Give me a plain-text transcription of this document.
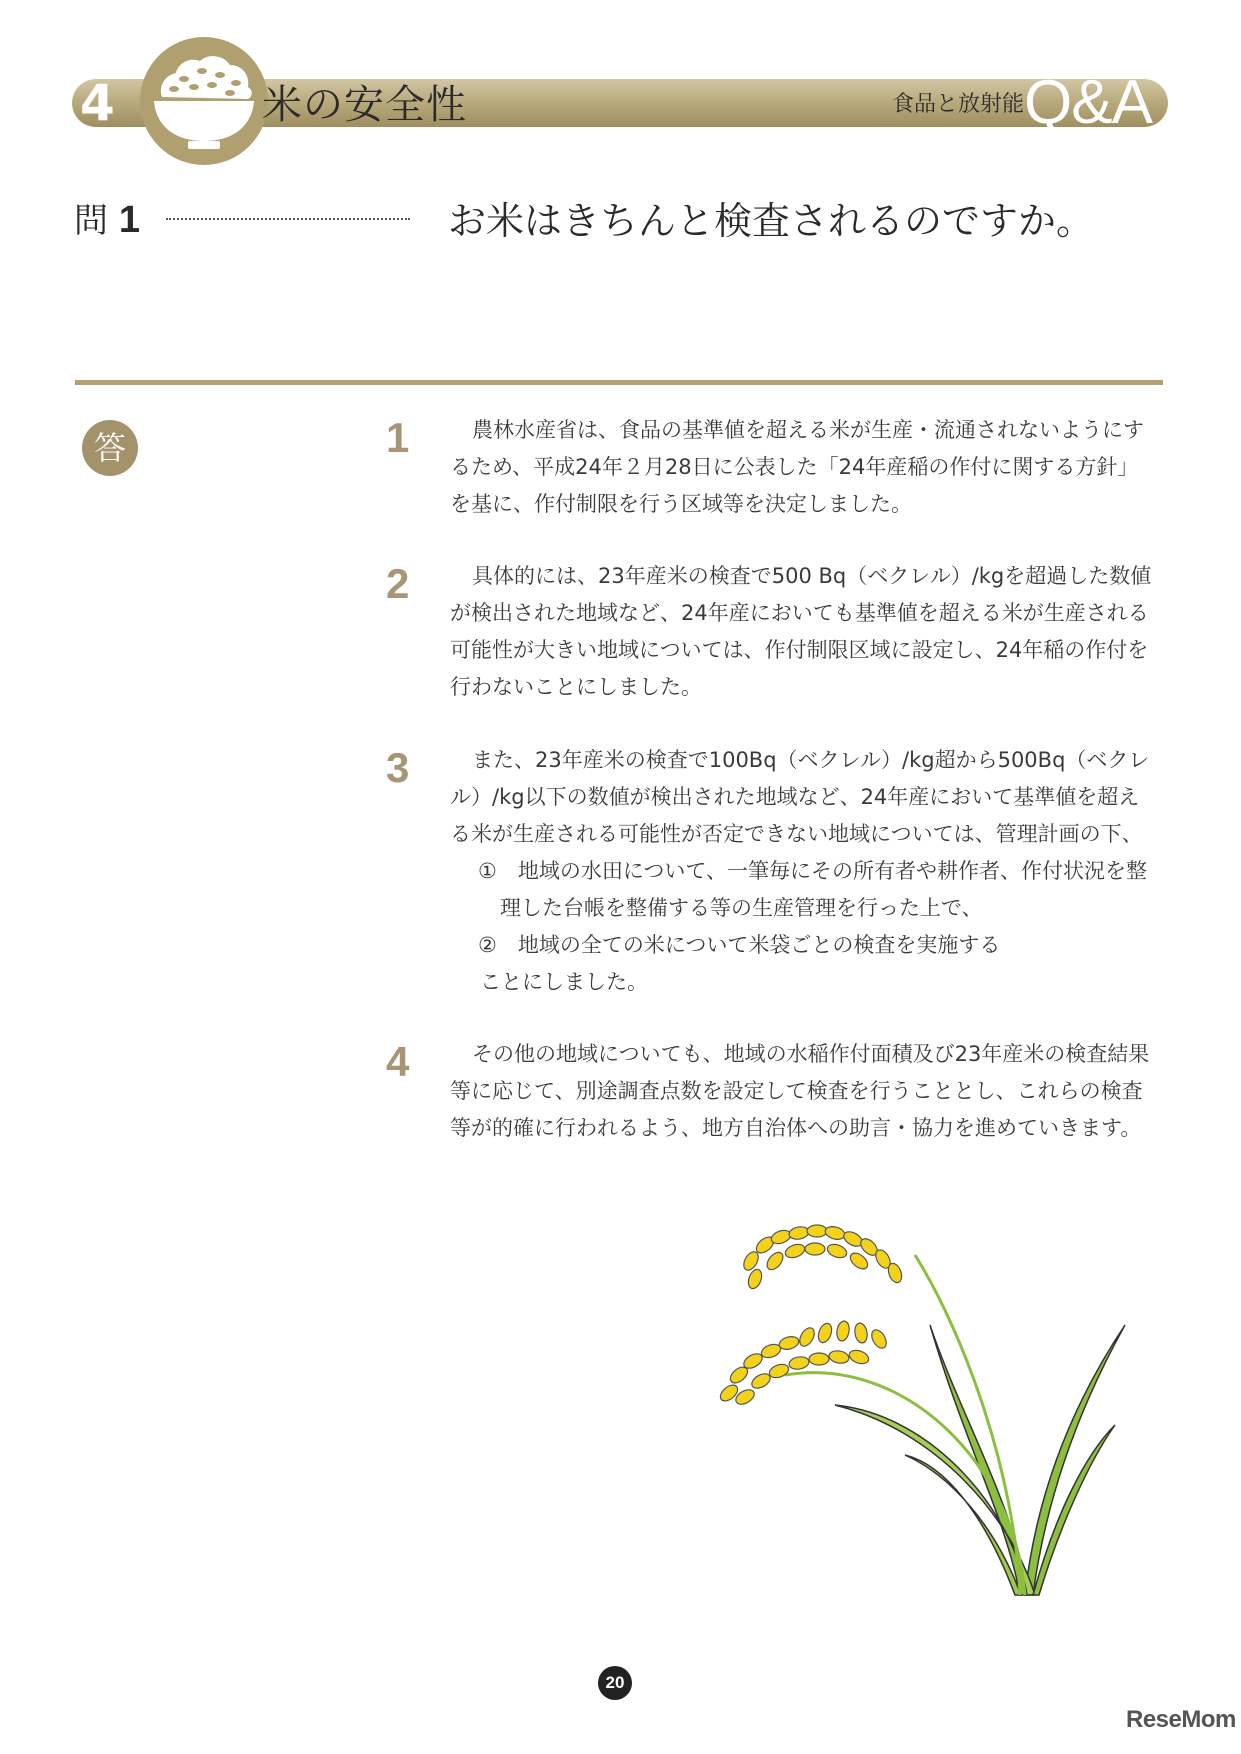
4	米の安全性	食品と放射能 Q&A
問 1	お米はきちんと検査されるのですか。
答	1	農林水産省は、食品の基準値を超える米が生産・流通されないようにするため、平成24年２月28日に公表した「24年産稲の作付に関する方針」を基に、作付制限を行う区域等を決定しました。
2	具体的には、23年産米の検査で500 Bq（ベクレル）/kgを超過した数値が検出された地域など、24年産においても基準値を超える米が生産される可能性が大きい地域については、作付制限区域に設定し、24年稲の作付を行わないことにしました。
3	また、23年産米の検査で100Bq（ベクレル）/kg超から500Bq（ベクレル）/kg以下の数値が検出された地域など、24年産において基準値を超える米が生産される可能性が否定できない地域については、管理計画の下、
①　地域の水田について、一筆毎にその所有者や耕作者、作付状況を整
理した台帳を整備する等の生産管理を行った上で、
②　地域の全ての米について米袋ごとの検査を実施する
ことにしました。
4	その他の地域についても、地域の水稲作付面積及び23年産米の検査結果等に応じて、別途調査点数を設定して検査を行うこととし、これらの検査等が的確に行われるよう、地方自治体への助言・協力を進めていきます。
20
ReseMom
